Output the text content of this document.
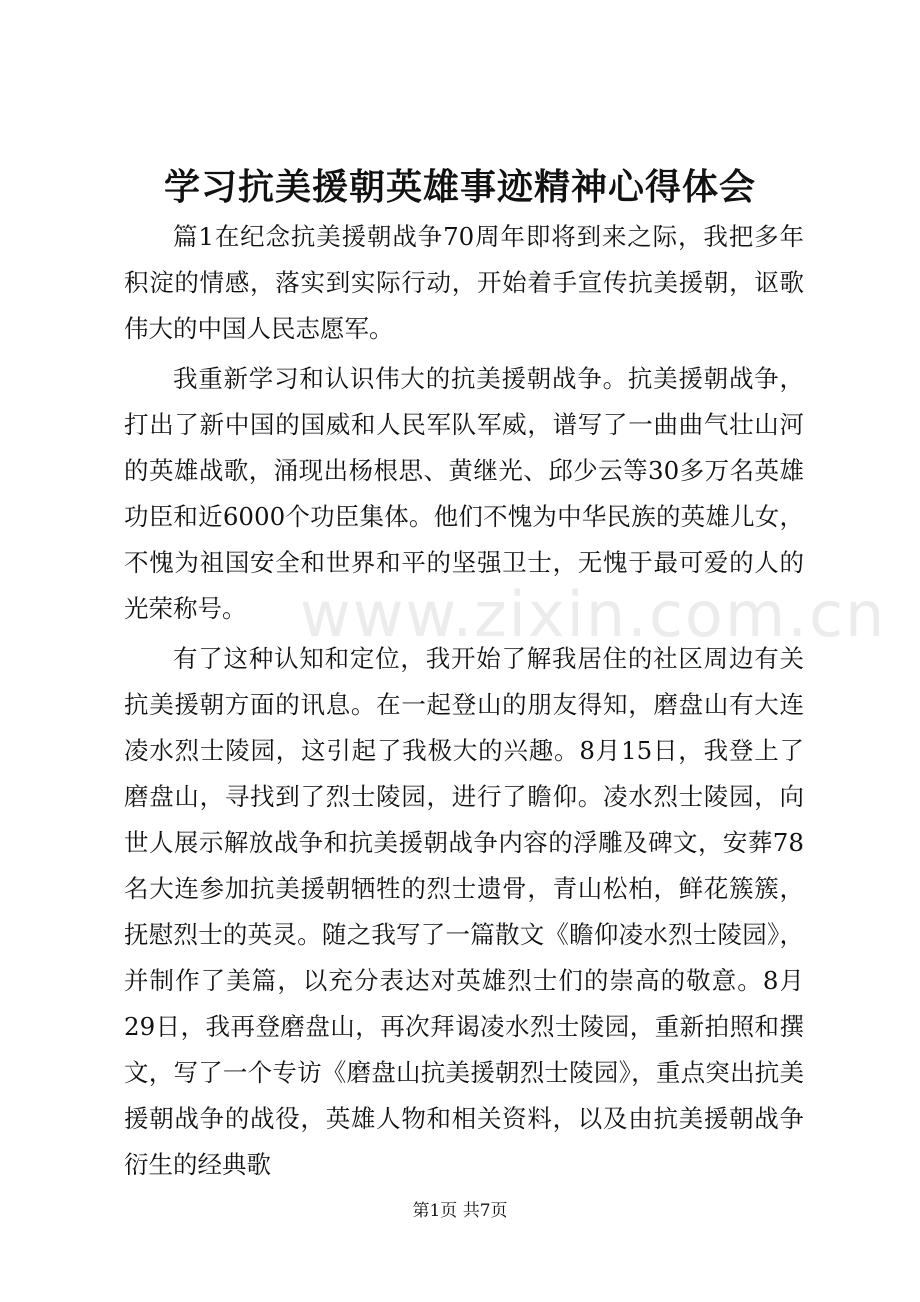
www.zixin.com.cn
学习抗美援朝英雄事迹精神心得体会

篇1在纪念抗美援朝战争70周年即将到来之际，我把多年积淀的情感，落实到实际行动，开始着手宣传抗美援朝，讴歌伟大的中国人民志愿军。

我重新学习和认识伟大的抗美援朝战争。抗美援朝战争，打出了新中国的国威和人民军队军威，谱写了一曲曲气壮山河的英雄战歌，涌现出杨根思、黄继光、邱少云等30多万名英雄功臣和近6000个功臣集体。他们不愧为中华民族的英雄儿女，不愧为祖国安全和世界和平的坚强卫士，无愧于最可爱的人的光荣称号。

有了这种认知和定位，我开始了解我居住的社区周边有关抗美援朝方面的讯息。在一起登山的朋友得知，磨盘山有大连凌水烈士陵园，这引起了我极大的兴趣。8月15日，我登上了磨盘山，寻找到了烈士陵园，进行了瞻仰。凌水烈士陵园，向世人展示解放战争和抗美援朝战争内容的浮雕及碑文，安葬78名大连参加抗美援朝牺牲的烈士遗骨，青山松柏，鲜花簇簇，抚慰烈士的英灵。随之我写了一篇散文《瞻仰凌水烈士陵园》，并制作了美篇，以充分表达对英雄烈士们的崇高的敬意。8月29日，我再登磨盘山，再次拜谒凌水烈士陵园，重新拍照和撰文，写了一个专访《磨盘山抗美援朝烈士陵园》，重点突出抗美援朝战争的战役，英雄人物和相关资料，以及由抗美援朝战争衍生的经典歌

第1页 共7页
